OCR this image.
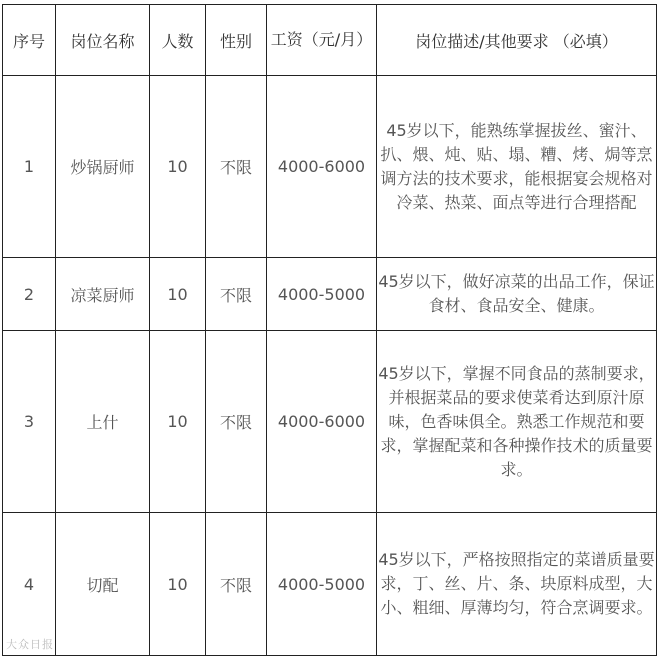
序号	岗位名称	人数	性别	工资（元/月）	岗位描述/其他要求 （必填）
1	炒锅厨师	10	不限	4000-6000	45岁以下，能熟练掌握拔丝、蜜汁、扒、煨、炖、贴、塌、糟、烤、焗等烹调方法的技术要求，能根据宴会规格对冷菜、热菜、面点等进行合理搭配
2	凉菜厨师	10	不限	4000-5000	45岁以下，做好凉菜的出品工作，保证食材、食品安全、健康。
3	上什	10	不限	4000-6000	45岁以下，掌握不同食品的蒸制要求，并根据菜品的要求使菜肴达到原汁原味，色香味俱全。熟悉工作规范和要求，掌握配菜和各种操作技术的质量要求。
4	切配	10	不限	4000-5000	45岁以下，严格按照指定的菜谱质量要求，丁、丝、片、条、块原料成型，大小、粗细、厚薄均匀，符合烹调要求。
大众日报
